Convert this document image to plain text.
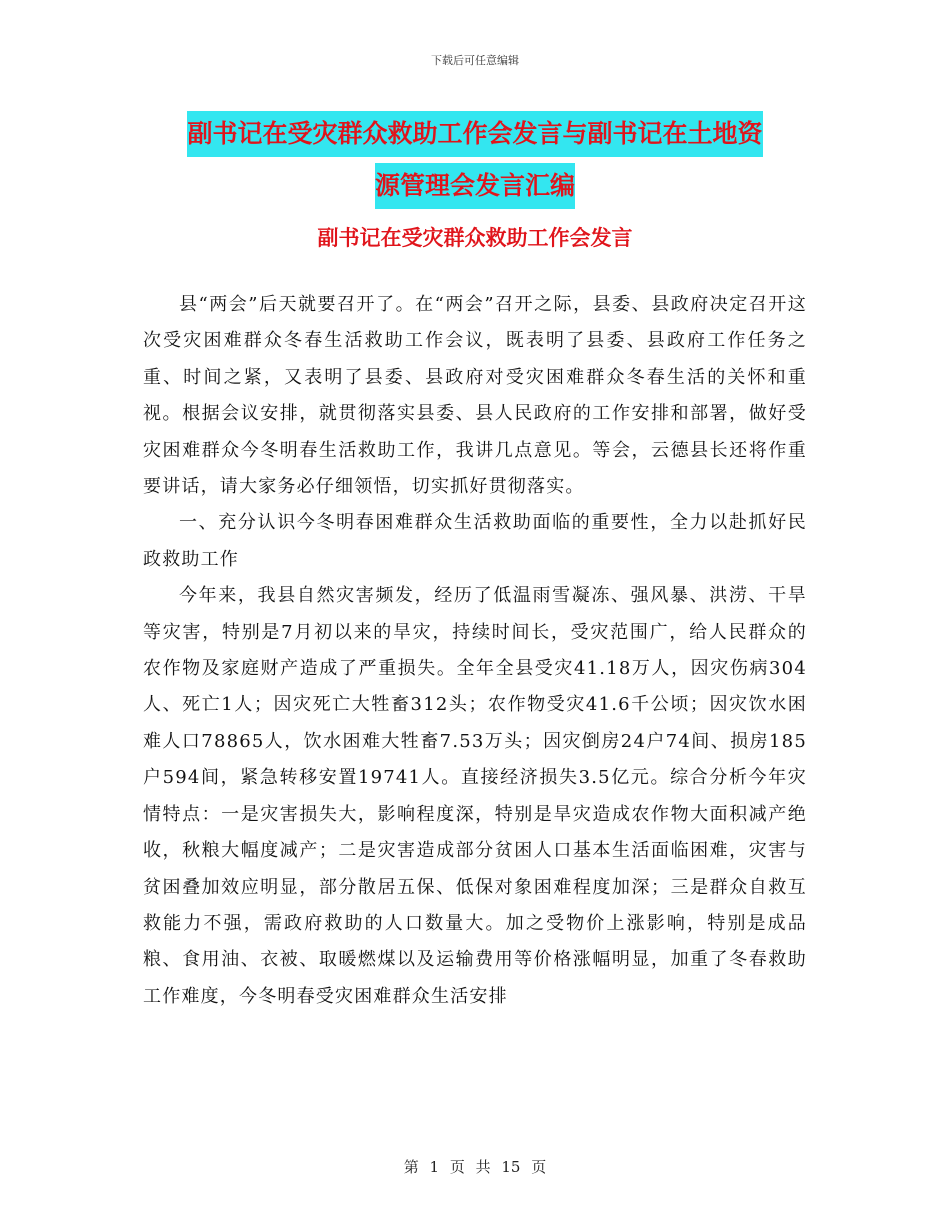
下载后可任意编辑
副书记在受灾群众救助工作会发言与副书记在土地资
源管理会发言汇编
副书记在受灾群众救助工作会发言

县“两会”后天就要召开了。在“两会”召开之际，县委、县政府决定召开这次受灾困难群众冬春生活救助工作会议，既表明了县委、县政府工作任务之重、时间之紧，又表明了县委、县政府对受灾困难群众冬春生活的关怀和重视。根据会议安排，就贯彻落实县委、县人民政府的工作安排和部署，做好受灾困难群众今冬明春生活救助工作，我讲几点意见。等会，云德县长还将作重要讲话，请大家务必仔细领悟，切实抓好贯彻落实。

一、充分认识今冬明春困难群众生活救助面临的重要性，全力以赴抓好民政救助工作

今年来，我县自然灾害频发，经历了低温雨雪凝冻、强风暴、洪涝、干旱等灾害，特别是7月初以来的旱灾，持续时间长，受灾范围广，给人民群众的农作物及家庭财产造成了严重损失。全年全县受灾41.18万人，因灾伤病304人、死亡1人；因灾死亡大牲畜312头；农作物受灾41.6千公顷；因灾饮水困难人口78865人，饮水困难大牲畜7.53万头；因灾倒房24户74间、损房185户594间，紧急转移安置19741人。直接经济损失3.5亿元。综合分析今年灾情特点：一是灾害损失大，影响程度深，特别是旱灾造成农作物大面积减产绝收，秋粮大幅度减产；二是灾害造成部分贫困人口基本生活面临困难，灾害与贫困叠加效应明显，部分散居五保、低保对象困难程度加深；三是群众自救互救能力不强，需政府救助的人口数量大。加之受物价上涨影响，特别是成品粮、食用油、衣被、取暖燃煤以及运输费用等价格涨幅明显，加重了冬春救助工作难度，今冬明春受灾困难群众生活安排

第 1 页 共 15 页
